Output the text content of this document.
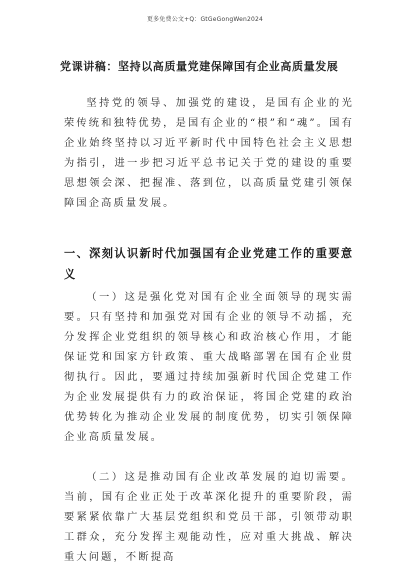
更多免费公文+Q：GtGeGongWen2024
党课讲稿：坚持以高质量党建保障国有企业高质量发展
坚持党的领导、加强党的建设，是国有企业的光荣传统和独特优势，是国有企业的“根”和“魂”。国有企业始终坚持以习近平新时代中国特色社会主义思想为指引，进一步把习近平总书记关于党的建设的重要思想领会深、把握准、落到位，以高质量党建引领保障国企高质量发展。
一、深刻认识新时代加强国有企业党建工作的重要意义
（一）这是强化党对国有企业全面领导的现实需要。只有坚持和加强党对国有企业的领导不动摇，充分发挥企业党组织的领导核心和政治核心作用，才能保证党和国家方针政策、重大战略部署在国有企业贯彻执行。因此，要通过持续加强新时代国企党建工作为企业发展提供有力的政治保证，将国企党建的政治优势转化为推动企业发展的制度优势，切实引领保障企业高质量发展。
（二）这是推动国有企业改革发展的迫切需要。当前，国有企业正处于改革深化提升的重要阶段，需要紧紧依靠广大基层党组织和党员干部，引领带动职工群众，充分发挥主观能动性，应对重大挑战、解决重大问题，不断提高
